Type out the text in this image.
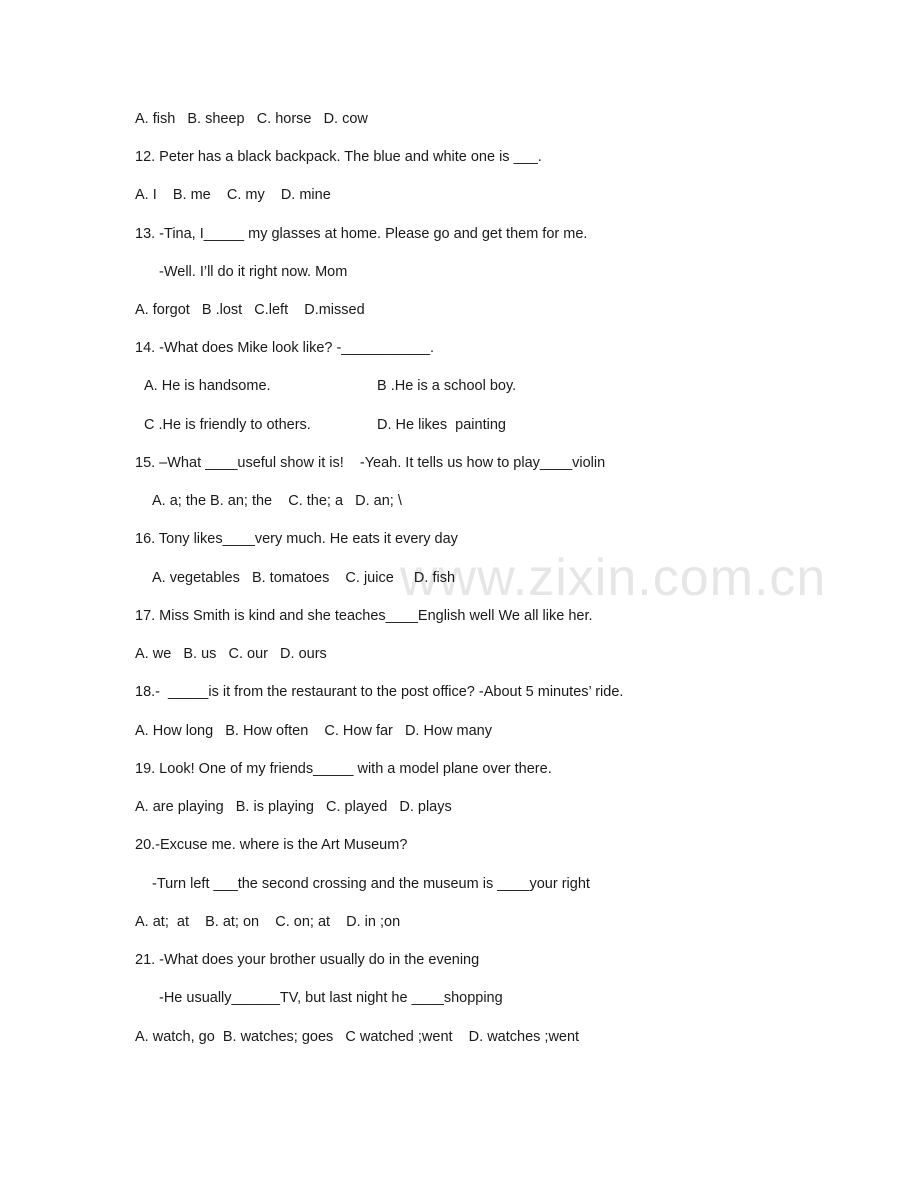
www.zixin.com.cn
A. fish   B. sheep   C. horse   D. cow
12. Peter has a black backpack. The blue and white one is ___.
A. I    B. me    C. my    D. mine
13. -Tina, I_____ my glasses at home. Please go and get them for me.
-Well. I’ll do it right now. Mom
A. forgot   B .lost   C.left    D.missed
14. -What does Mike look like? -___________.
A. He is handsome.	B .He is a school boy.
C .He is friendly to others.	D. He likes  painting
15. –What ____useful show it is!    -Yeah. It tells us how to play____violin
A. a; the B. an; the    C. the; a   D. an; \
16. Tony likes____very much. He eats it every day
A. vegetables   B. tomatoes    C. juice     D. fish
17. Miss Smith is kind and she teaches____English well We all like her.
A. we   B. us   C. our   D. ours
18.-  _____is it from the restaurant to the post office? -About 5 minutes’ ride.
A. How long   B. How often    C. How far   D. How many
19. Look! One of my friends_____ with a model plane over there.
A. are playing   B. is playing   C. played   D. plays
20.-Excuse me. where is the Art Museum?
-Turn left ___the second crossing and the museum is ____your right
A. at;  at    B. at; on    C. on; at    D. in ;on
21. -What does your brother usually do in the evening
-He usually______TV, but last night he ____shopping
A. watch, go  B. watches; goes   C watched ;went    D. watches ;went
